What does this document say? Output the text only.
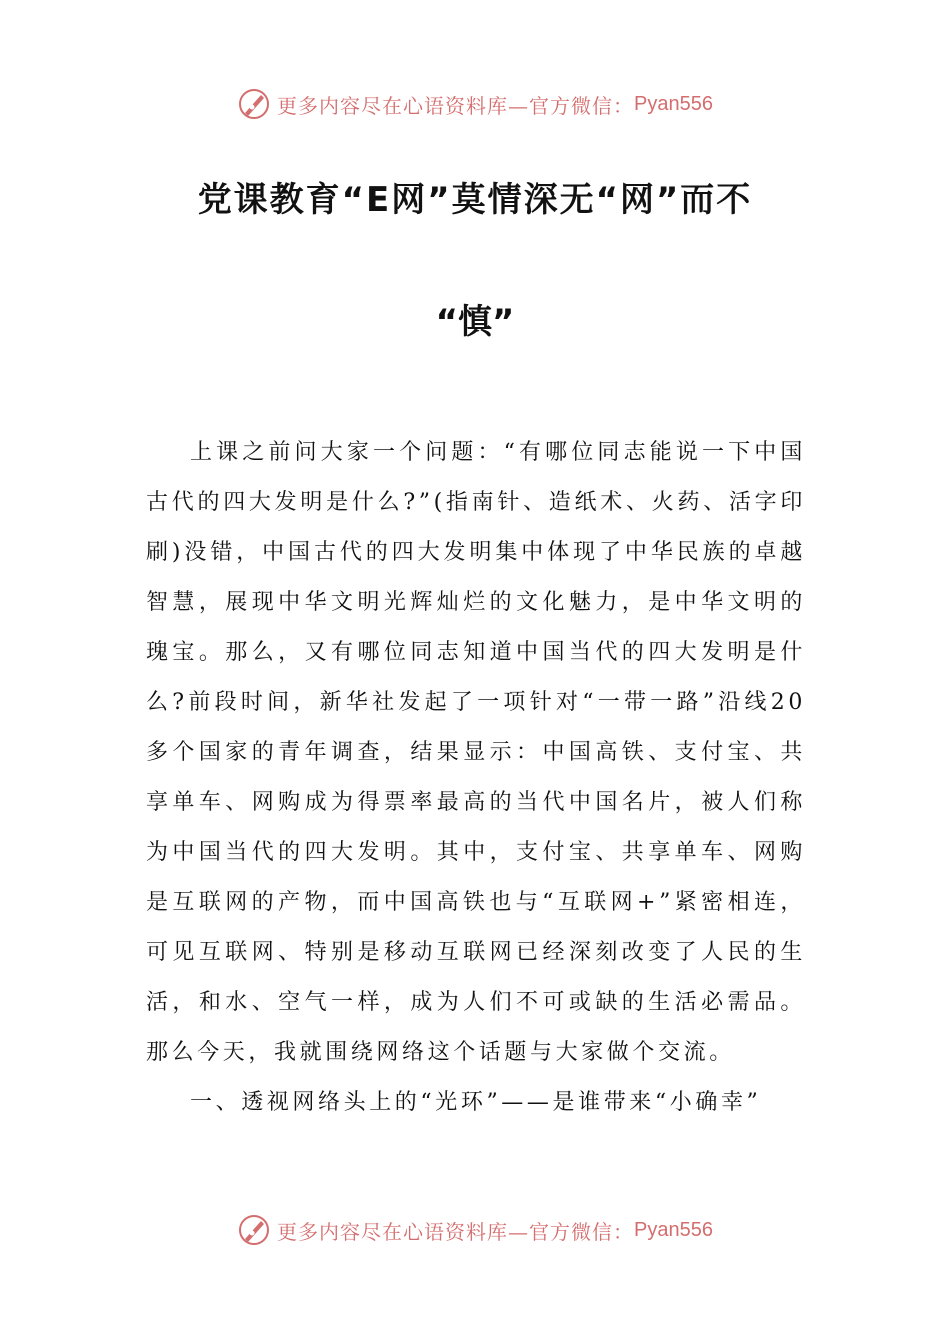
更多内容尽在心语资料库—官方微信： Pyan556
党课教育“E网”莫情深无“网”而不
“慎”

上课之前问大家一个问题：“有哪位同志能说一下中国古代的四大发明是什么?”(指南针、造纸术、火药、活字印刷)没错，中国古代的四大发明集中体现了中华民族的卓越智慧，展现中华文明光辉灿烂的文化魅力，是中华文明的瑰宝。那么，又有哪位同志知道中国当代的四大发明是什么?前段时间，新华社发起了一项针对“一带一路”沿线20多个国家的青年调查，结果显示：中国高铁、支付宝、共享单车、网购成为得票率最高的当代中国名片，被人们称为中国当代的四大发明。其中，支付宝、共享单车、网购是互联网的产物，而中国高铁也与“互联网+”紧密相连，可见互联网、特别是移动互联网已经深刻改变了人民的生活，和水、空气一样，成为人们不可或缺的生活必需品。那么今天，我就围绕网络这个话题与大家做个交流。

一、透视网络头上的“光环”——是谁带来“小确幸”

更多内容尽在心语资料库—官方微信： Pyan556
